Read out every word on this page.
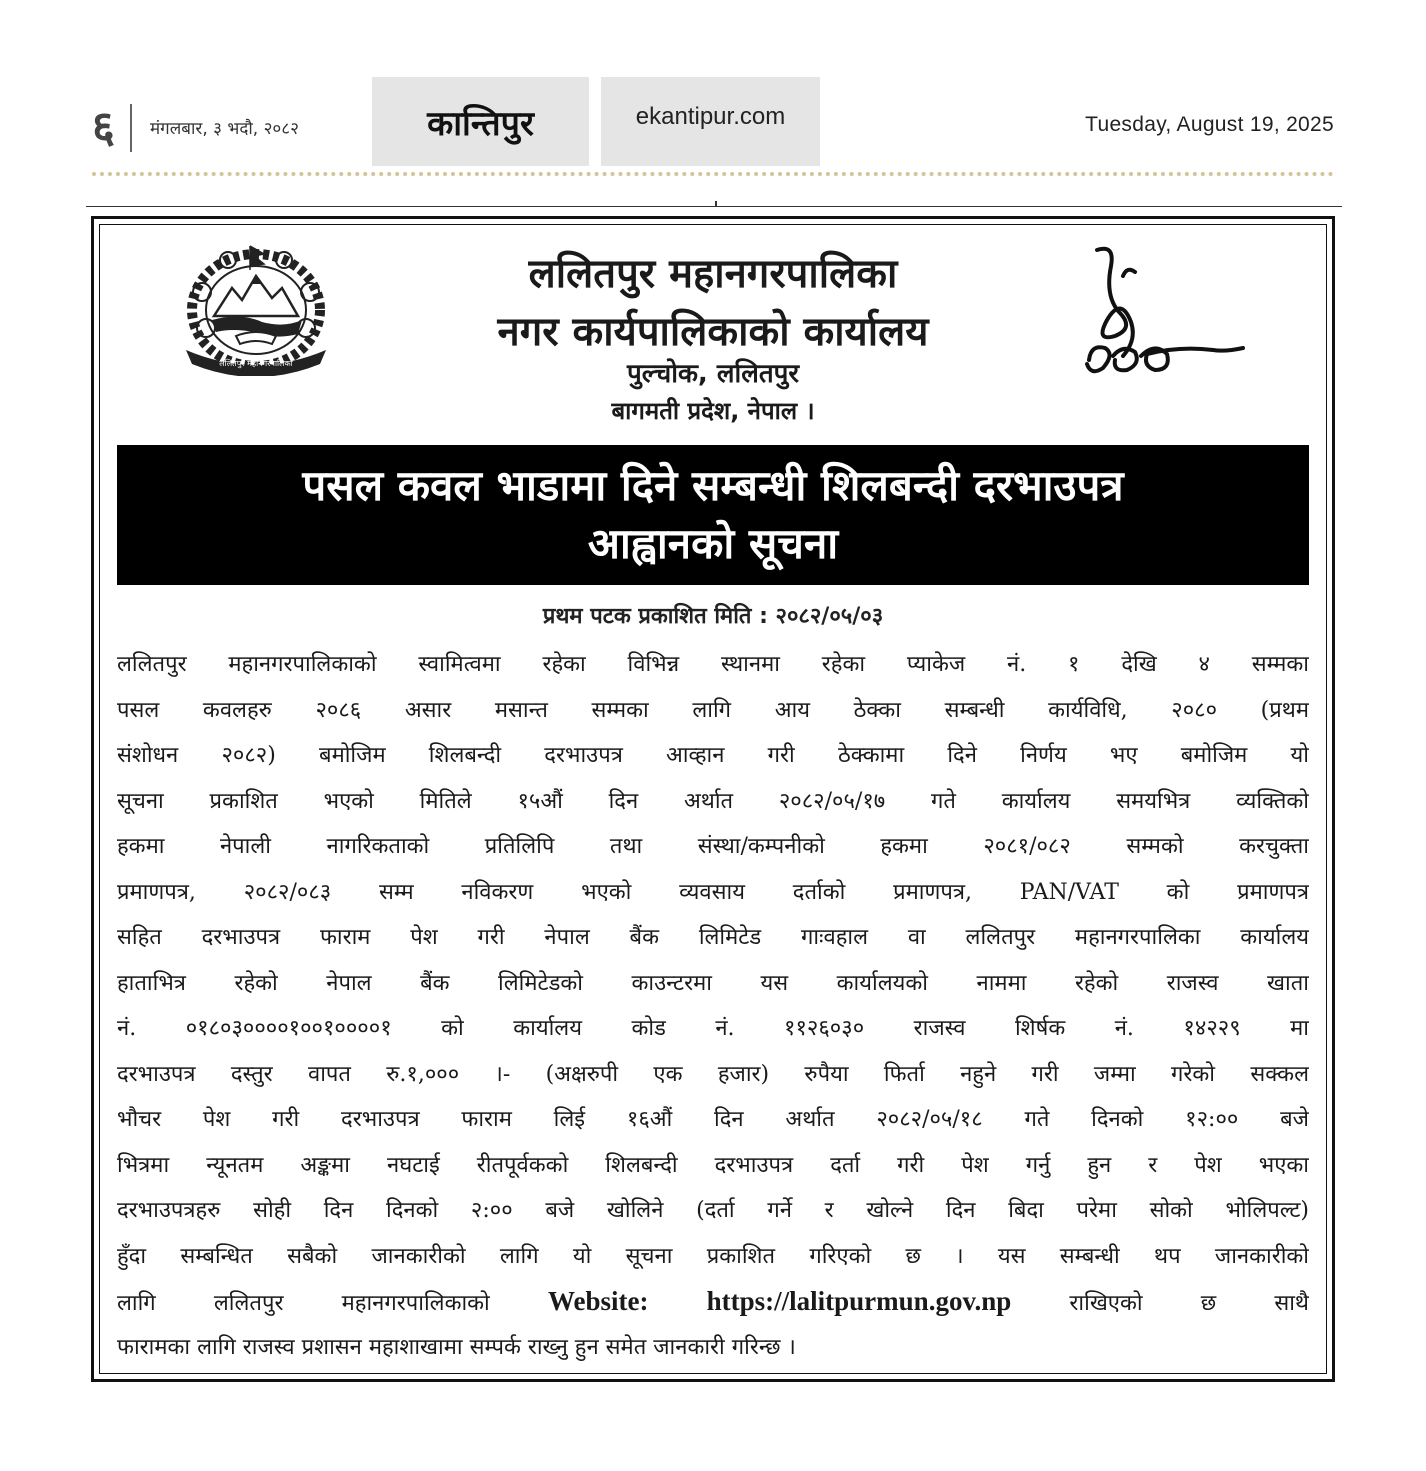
६ मंगलबार, ३ भदौ, २०८२	कान्तिपुर	ekantipur.com	Tuesday, August 19, 2025
ललितपुर महानगरपालिका
ललितपुर महानगरपालिका
नगर कार्यपालिकाको कार्यालय
पुल्चोक, ललितपुर
बागमती प्रदेश, नेपाल ।
पसल कवल भाडामा दिने सम्बन्धी शिलबन्दी दरभाउपत्र
आह्वानको सूचना
प्रथम पटक प्रकाशित मिति : २०८२/०५/०३
ललितपुर महानगरपालिकाको स्वामित्वमा रहेका विभिन्न स्थानमा रहेका प्याकेज नं. १ देखि ४ सम्मका
पसल कवलहरु २०८६ असार मसान्त सम्मका लागि आय ठेक्का सम्बन्धी कार्यविधि, २०८० (प्रथम
संशोधन २०८२) बमोजिम शिलबन्दी दरभाउपत्र आव्हान गरी ठेक्कामा दिने निर्णय भए बमोजिम यो
सूचना प्रकाशित भएको मितिले १५औं दिन अर्थात २०८२/०५/१७ गते कार्यालय समयभित्र व्यक्तिको
हकमा नेपाली नागरिकताको प्रतिलिपि तथा संस्था/कम्पनीको हकमा २०८१/०८२ सम्मको करचुक्ता
प्रमाणपत्र, २०८२/०८३ सम्म नविकरण भएको व्यवसाय दर्ताको प्रमाणपत्र, PAN/VAT को प्रमाणपत्र
सहित दरभाउपत्र फाराम पेश गरी नेपाल बैंक लिमिटेड गाःवहाल वा ललितपुर महानगरपालिका कार्यालय
हाताभित्र रहेको नेपाल बैंक लिमिटेडको काउन्टरमा यस कार्यालयको नाममा रहेको राजस्व खाता
नं. ०१८०३००००१००१००००१ को कार्यालय कोड नं. ११२६०३० राजस्व शिर्षक नं. १४२२९ मा
दरभाउपत्र दस्तुर वापत रु.१,००० ।- (अक्षरुपी एक हजार) रुपैया फिर्ता नहुने गरी जम्मा गरेको सक्कल
भौचर पेश गरी दरभाउपत्र फाराम लिई १६औं दिन अर्थात २०८२/०५/१८ गते दिनको १२:०० बजे
भित्रमा न्यूनतम अङ्कमा नघटाई रीतपूर्वकको शिलबन्दी दरभाउपत्र दर्ता गरी पेश गर्नु हुन र पेश भएका
दरभाउपत्रहरु सोही दिन दिनको २:०० बजे खोलिने (दर्ता गर्ने र खोल्ने दिन बिदा परेमा सोको भोलिपल्ट)
हुँदा सम्बन्धित सबैको जानकारीको लागि यो सूचना प्रकाशित गरिएको छ । यस सम्बन्धी थप जानकारीको
लागि ललितपुर महानगरपालिकाको Website: https://lalitpurmun.gov.np	राखिएको छ साथै
फारामका लागि राजस्व प्रशासन महाशाखामा सम्पर्क राख्नु हुन समेत जानकारी गरिन्छ ।
